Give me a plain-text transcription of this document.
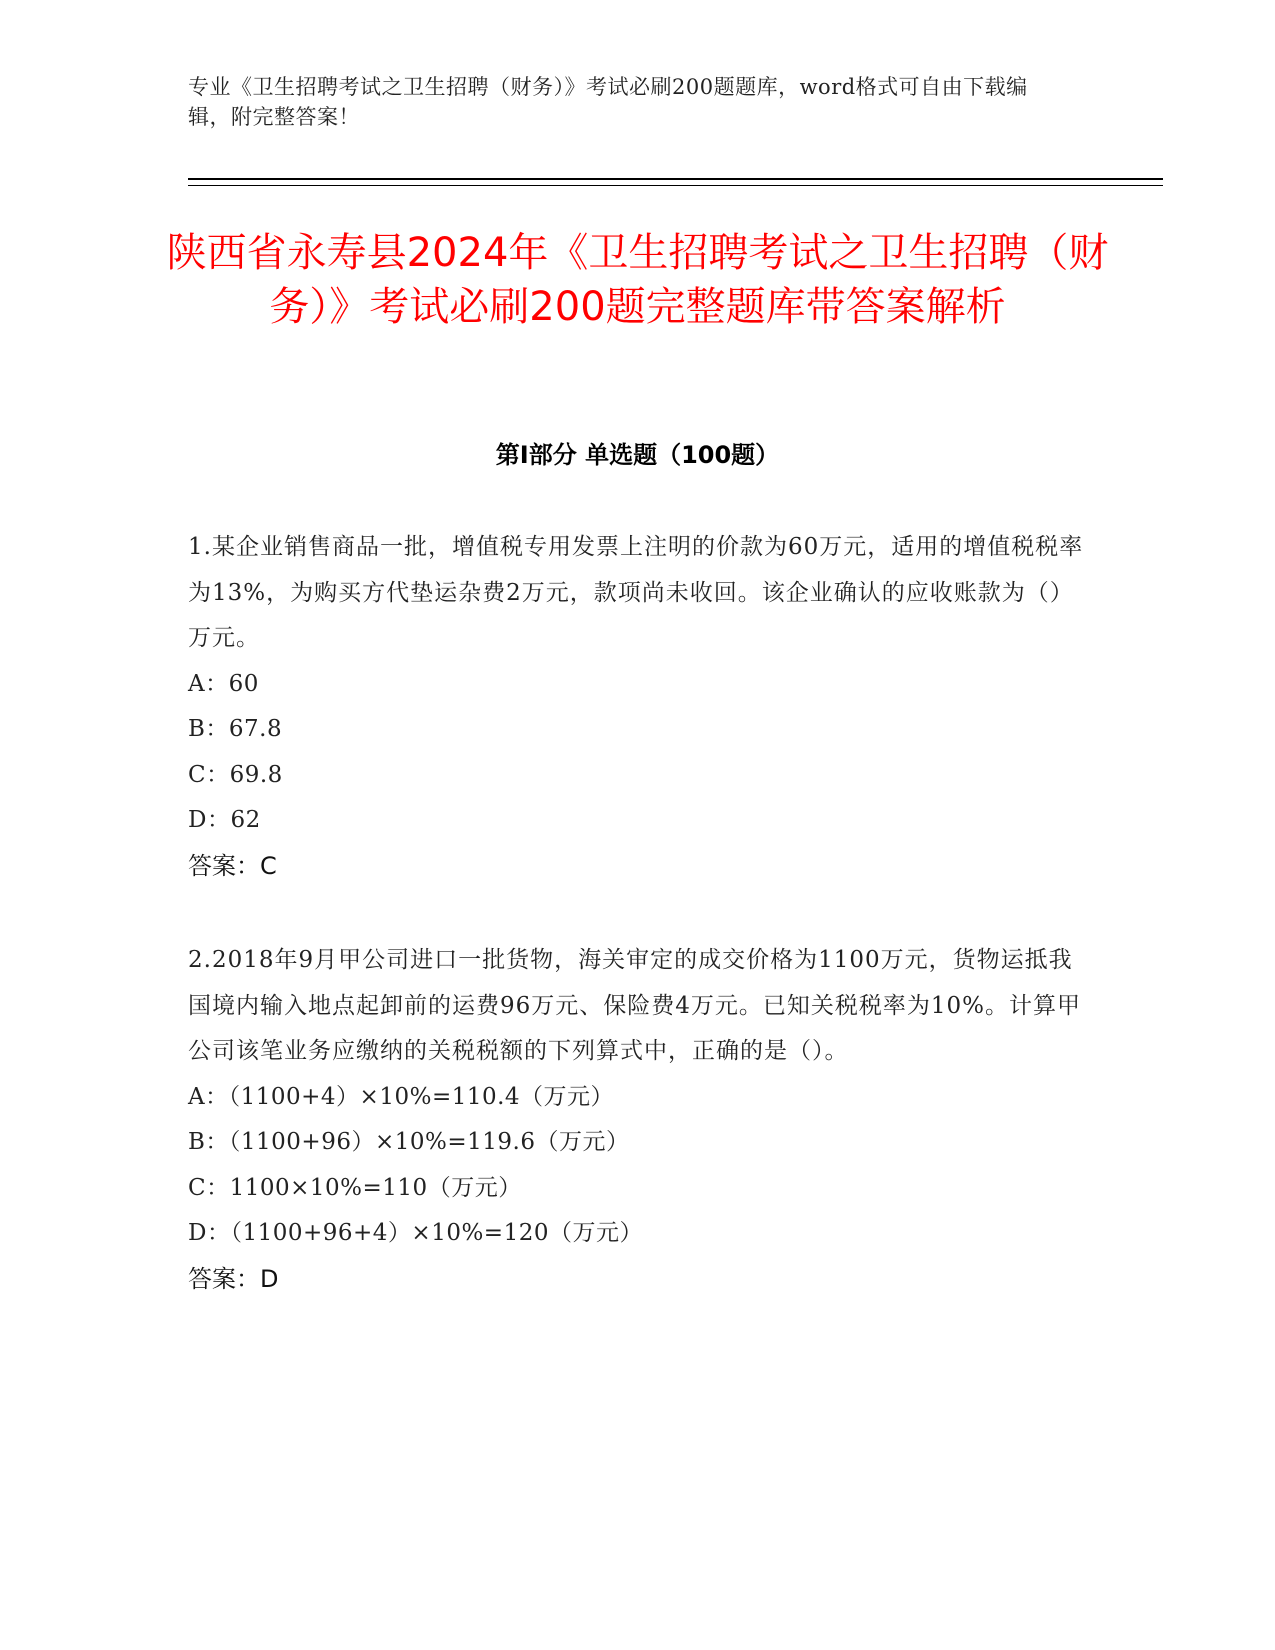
专业《卫生招聘考试之卫生招聘（财务）》考试必刷200题题库，word格式可自由下载编辑，附完整答案！
陕西省永寿县2024年《卫生招聘考试之卫生招聘（财务）》考试必刷200题完整题库带答案解析
第Ⅰ部分 单选题（100题）

1.某企业销售商品一批，增值税专用发票上注明的价款为60万元，适用的增值税税率为13%，为购买方代垫运杂费2万元，款项尚未收回。该企业确认的应收账款为（）万元。

A：60

B：67.8

C：69.8

D：62

答案：C

2.2018年9月甲公司进口一批货物，海关审定的成交价格为1100万元，货物运抵我国境内输入地点起卸前的运费96万元、保险费4万元。已知关税税率为10%。计算甲公司该笔业务应缴纳的关税税额的下列算式中，正确的是（）。

A：（1100+4）×10%=110.4（万元）

B：（1100+96）×10%=119.6（万元）

C：1100×10%=110（万元）

D：（1100+96+4）×10%=120（万元）

答案：D
